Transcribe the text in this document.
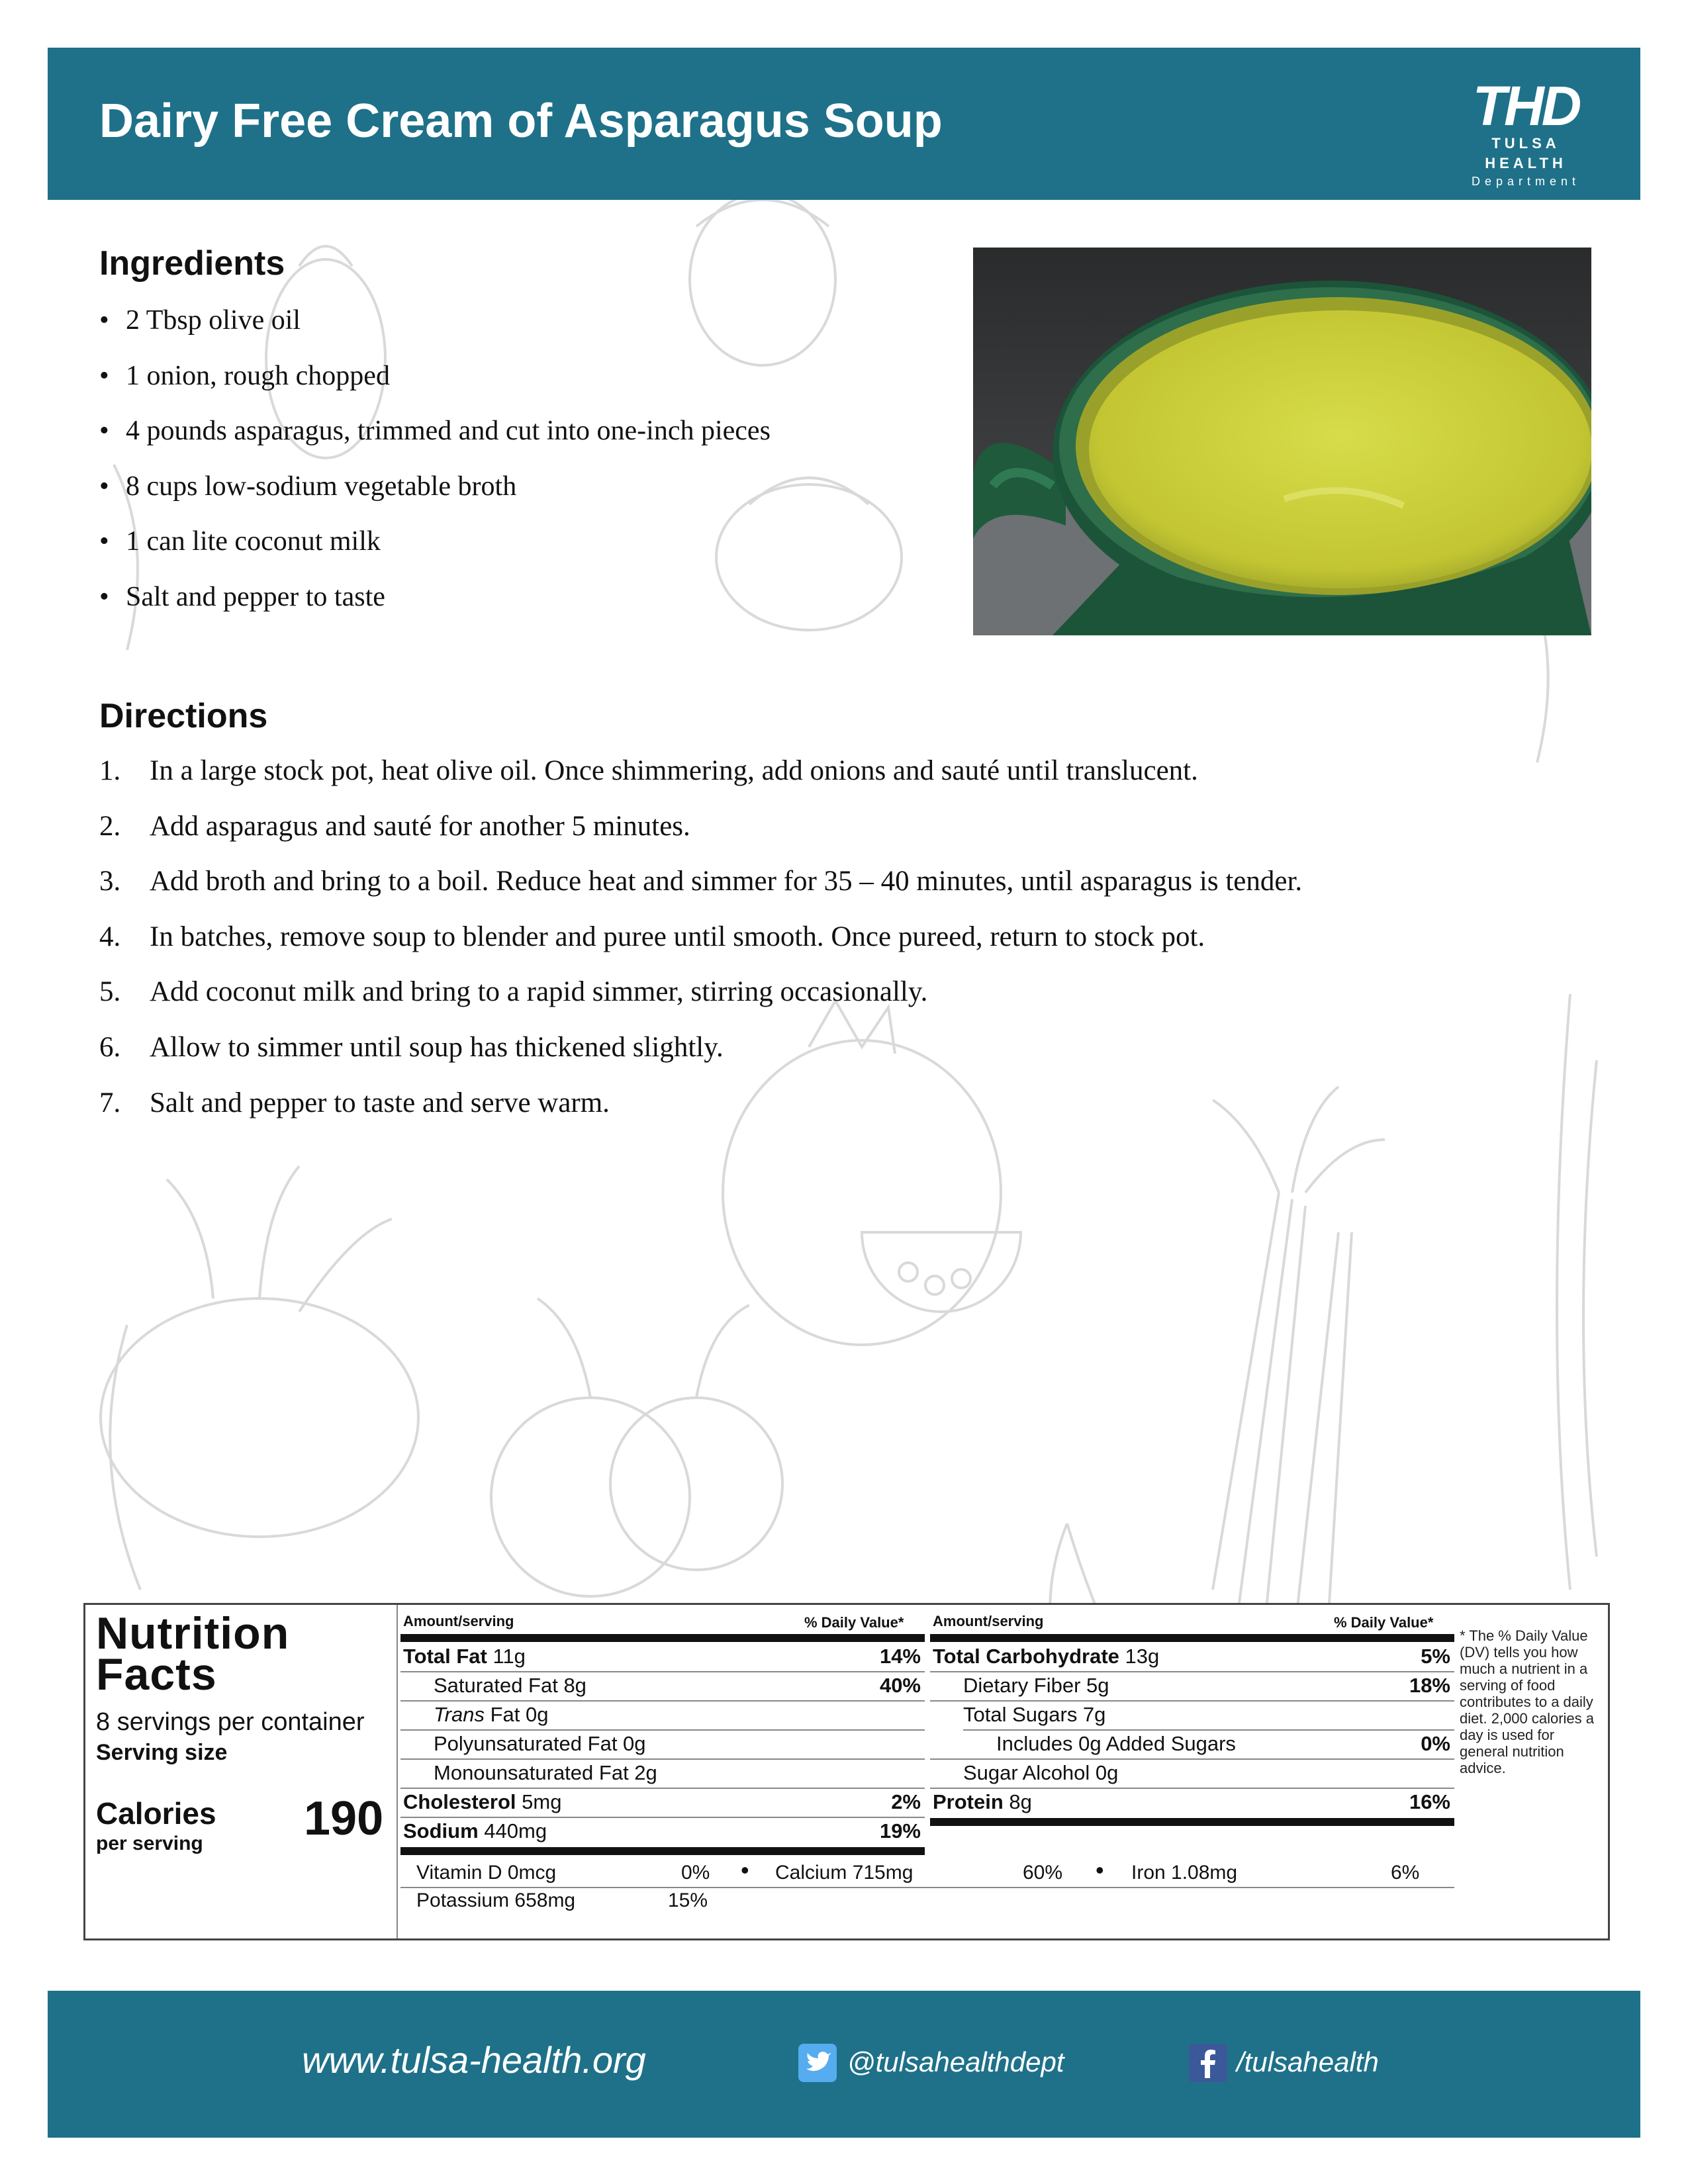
Dairy Free Cream of Asparagus Soup	THD
TULSA HEALTH
Department
Ingredients
• 2 Tbsp olive oil
• 1 onion, rough chopped
• 4 pounds asparagus, trimmed and cut into one-inch pieces
• 8 cups low-sodium vegetable broth
• 1 can lite coconut milk
• Salt and pepper to taste
Directions
1. In a large stock pot, heat olive oil. Once shimmering, add onions and sauté until translucent.
2. Add asparagus and sauté for another 5 minutes.
3. Add broth and bring to a boil. Reduce heat and simmer for 35 – 40 minutes, until asparagus is tender.
4. In batches, remove soup to blender and puree until smooth. Once pureed, return to stock pot.
5. Add coconut milk and bring to a rapid simmer, stirring occasionally.
6. Allow to simmer until soup has thickened slightly.
7. Salt and pepper to taste and serve warm.
Nutrition
Facts
8 servings per container
Serving size
Calories
per serving 190
Amount/serving	% Daily Value*
Total Fat 11g	14%
Saturated Fat 8g	40%
Trans Fat 0g
Polyunsaturated Fat 0g
Monounsaturated Fat 2g
Cholesterol 5mg	2%
Sodium 440mg	19%
Amount/serving	% Daily Value*
Total Carbohydrate 13g	5%
Dietary Fiber 5g	18%
Total Sugars 7g
Includes 0g Added Sugars	0%
Sugar Alcohol 0g
Protein 8g	16%
Vitamin D 0mcg	0% • Calcium 715mg	60% • Iron 1.08mg	6%
Potassium 658mg	15%
* The % Daily Value (DV) tells you how much a nutrient in a serving of food contributes to a daily diet. 2,000 calories a day is used for general nutrition advice.
www.tulsa-health.org	@tulsahealthdept	/tulsahealth
